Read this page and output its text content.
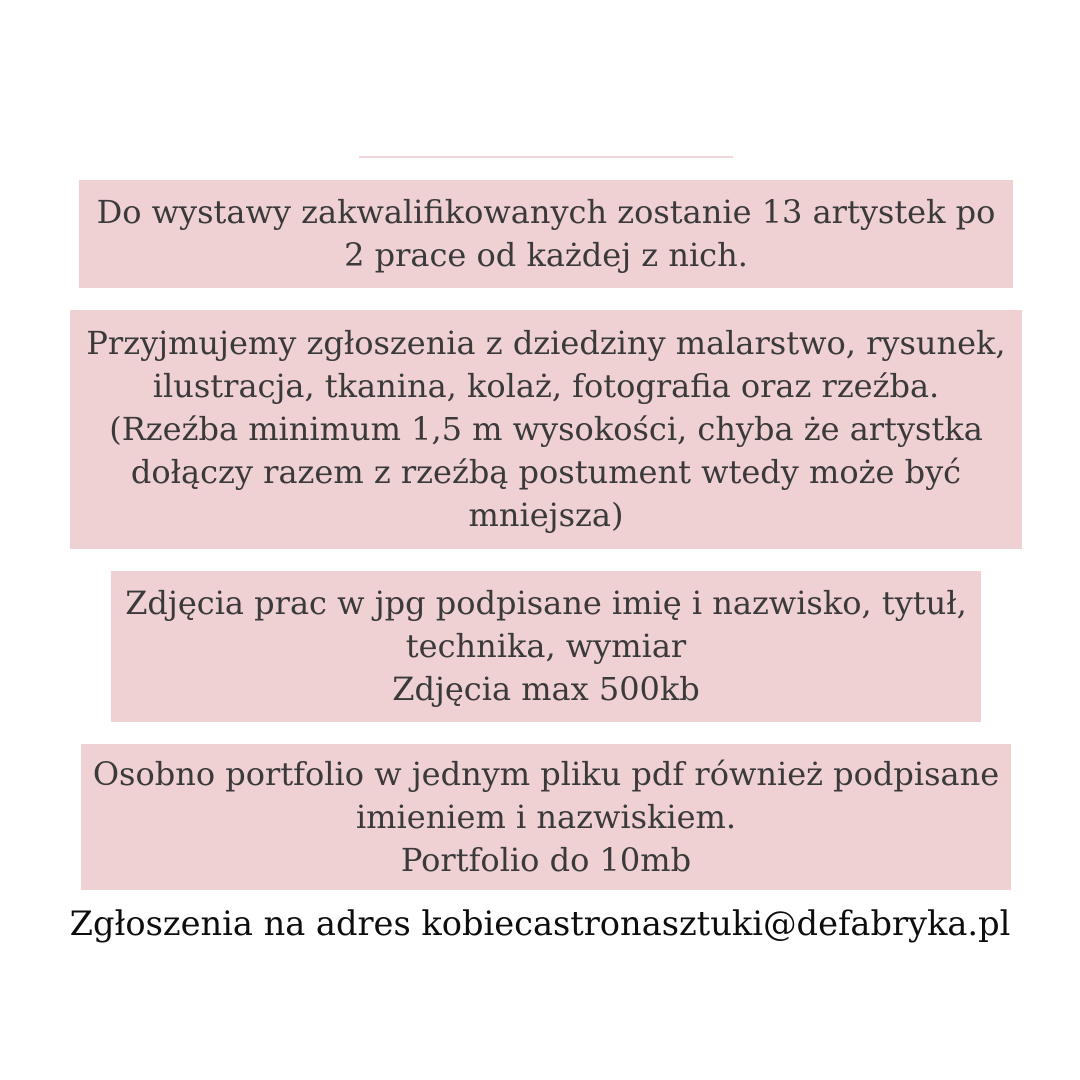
Do wystawy zakwalifikowanych zostanie 13 artystek po
2 prace od każdej z nich.
Przyjmujemy zgłoszenia z dziedziny malarstwo, rysunek,
ilustracja, tkanina, kolaż, fotografia oraz rzeźba.
(Rzeźba minimum 1,5 m wysokości, chyba że artystka
dołączy razem z rzeźbą postument wtedy może być
mniejsza)
Zdjęcia prac w jpg podpisane imię i nazwisko, tytuł,
technika, wymiar
Zdjęcia max 500kb
Osobno portfolio w jednym pliku pdf również podpisane
imieniem i nazwiskiem.
Portfolio do 10mb
Zgłoszenia na adres kobiecastronasztuki@defabryka.pl
